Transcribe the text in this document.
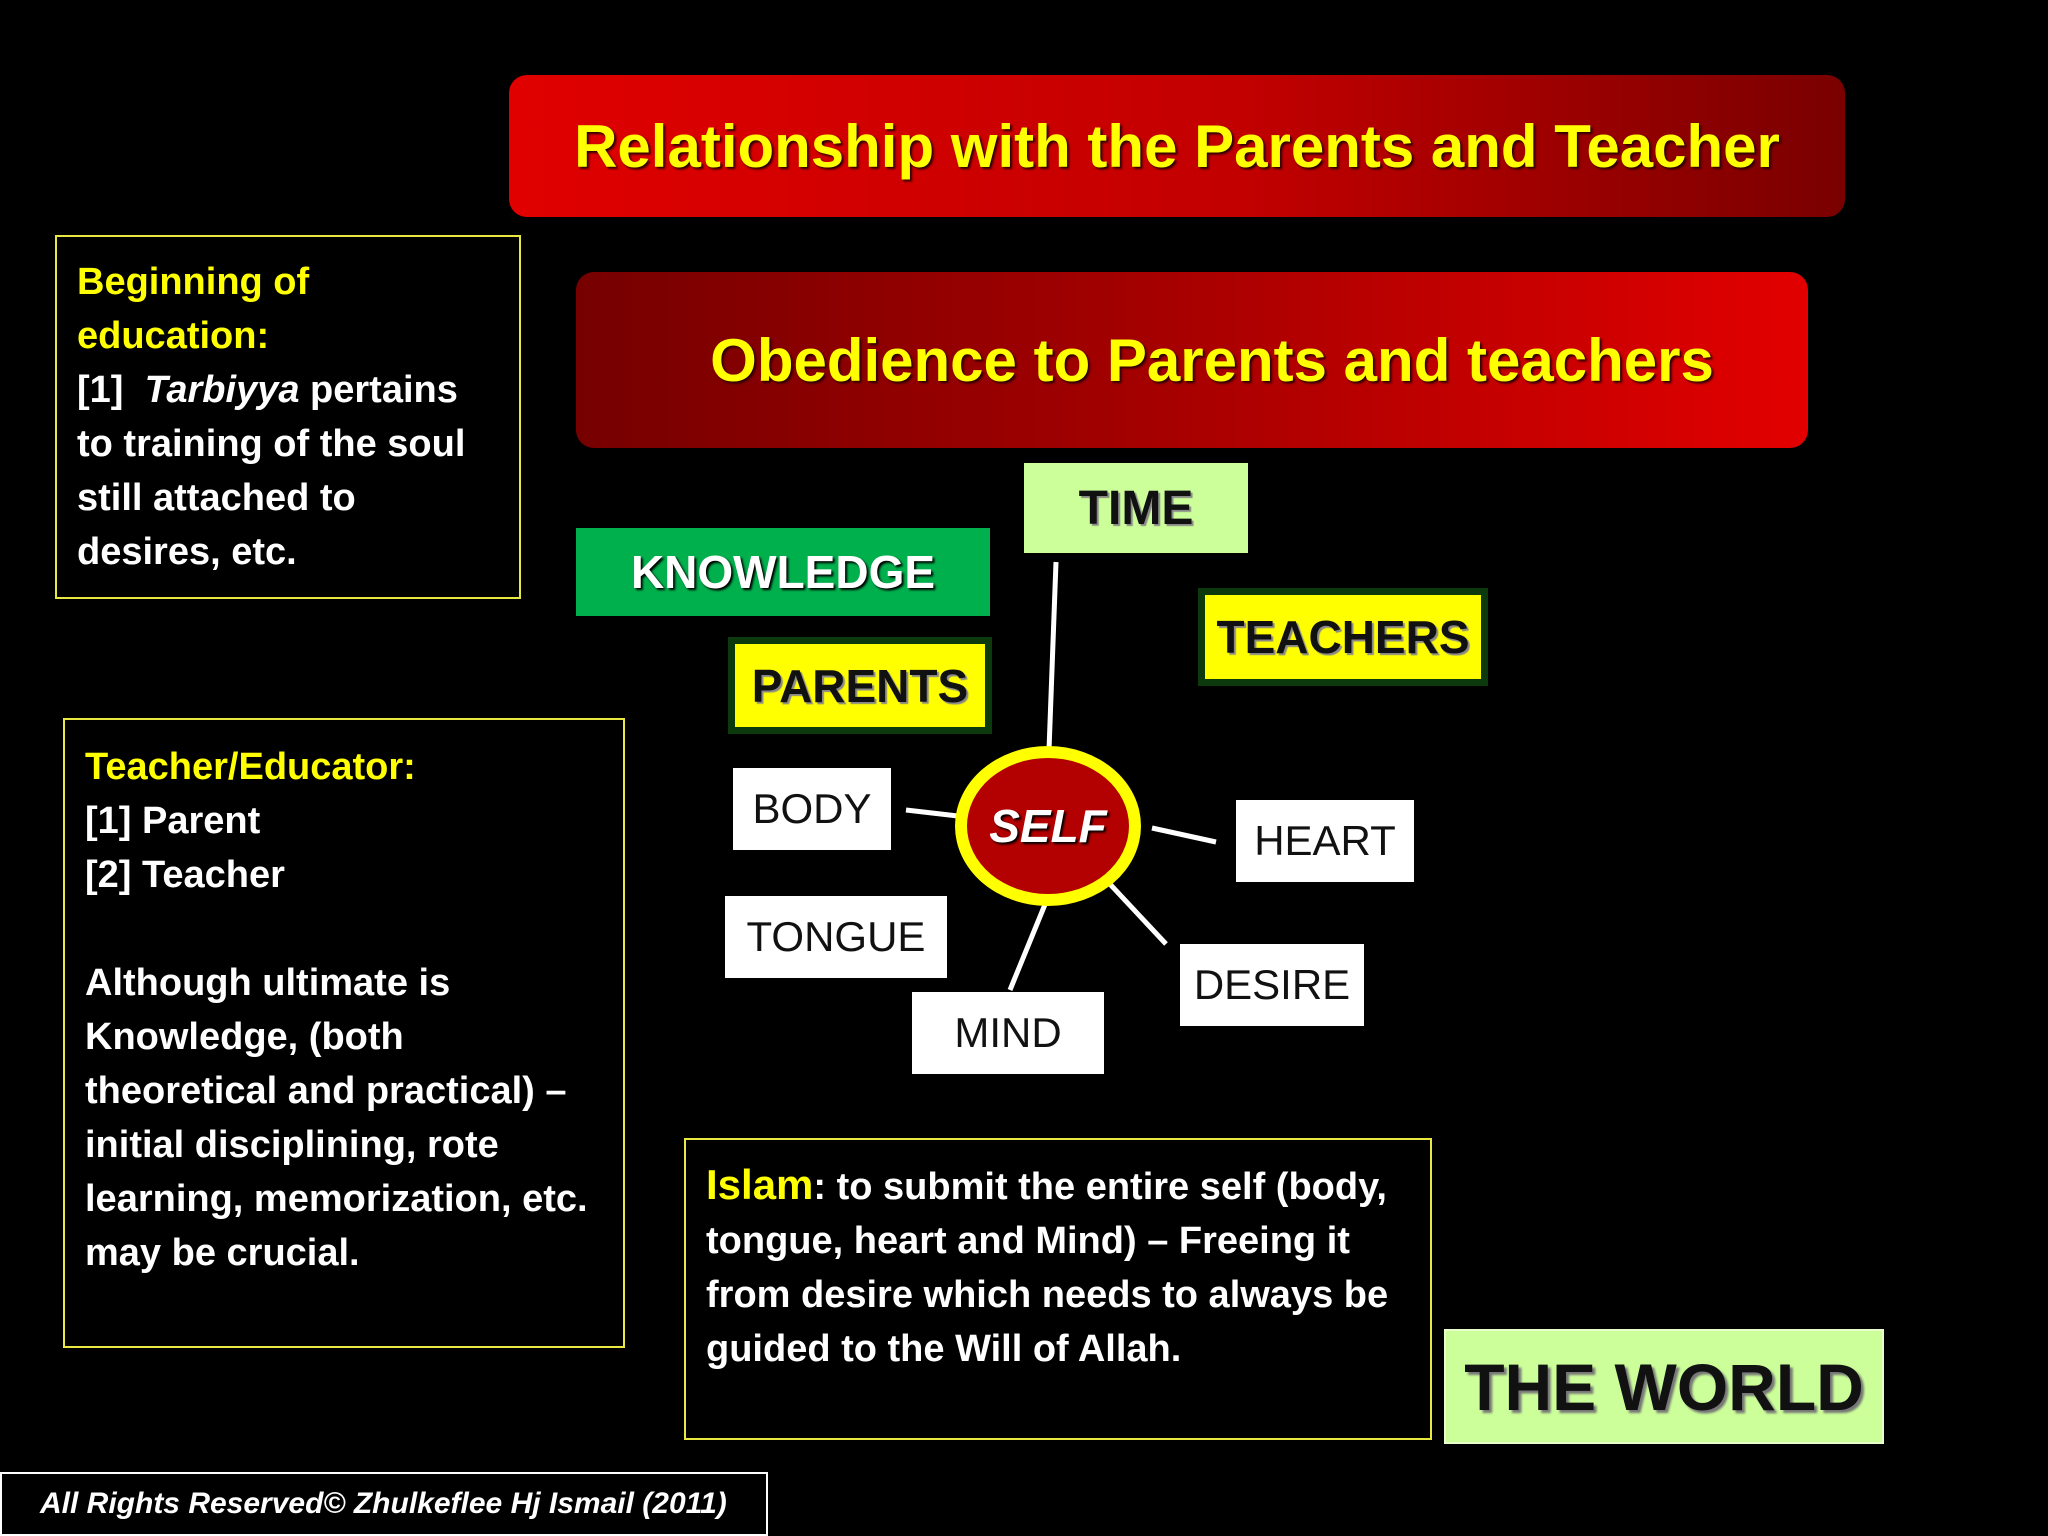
Relationship with the Parents and Teacher
Obedience to Parents and teachers

Beginning of education:

[1] Tarbiyya pertains to training of the soul still attached to desires, etc.

Teacher/Educator:

[1] Parent

[2] Teacher

Although ultimate is Knowledge, (both theoretical and practical) – initial disciplining, rote learning, memorization, etc. may be crucial.

Islam: to submit the entire self (body, tongue, heart and Mind) – Freeing it from desire which needs to always be guided to the Will of Allah.

KNOWLEDGE
TIME
PARENTS
TEACHERS
BODY
HEART
TONGUE
DESIRE
MIND
SELF
THE WORLD
All Rights Reserved© Zhulkeflee Hj Ismail (2011)
